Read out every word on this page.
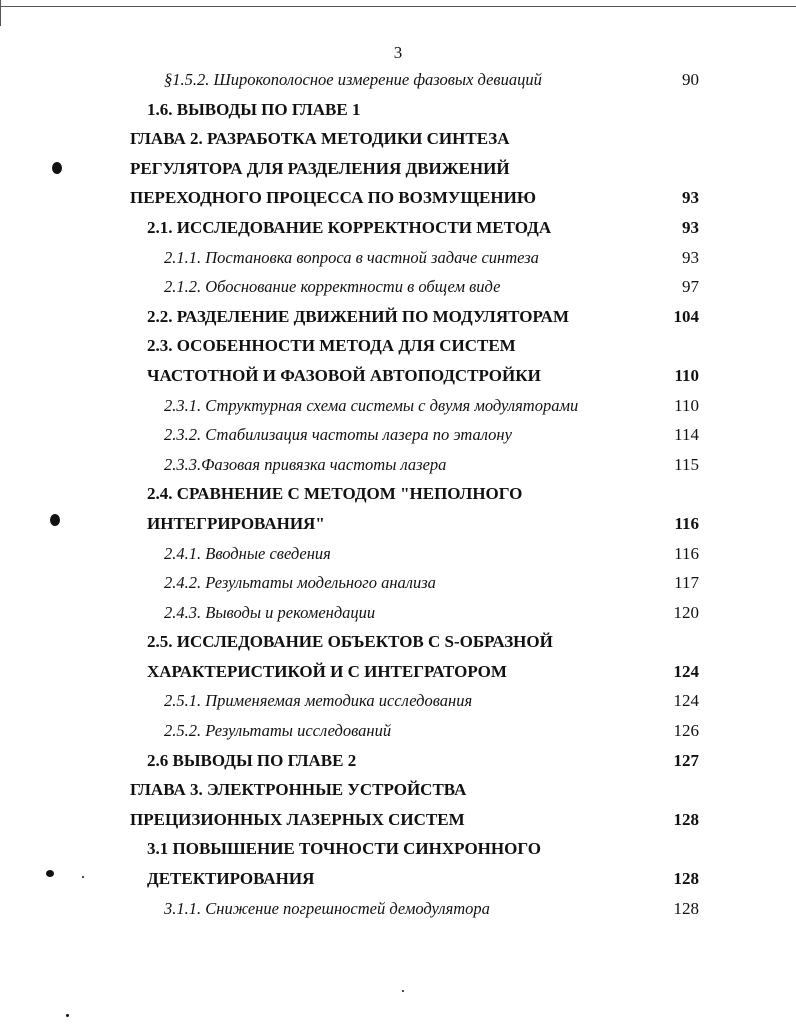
3
§1.5.2. Широкополосное измерение фазовых девиаций	90
1.6. ВЫВОДЫ ПО ГЛАВЕ 1
ГЛАВА 2. РАЗРАБОТКА МЕТОДИКИ СИНТЕЗА
РЕГУЛЯТОРА ДЛЯ РАЗДЕЛЕНИЯ ДВИЖЕНИЙ
ПЕРЕХОДНОГО ПРОЦЕССА ПО ВОЗМУЩЕНИЮ	93
2.1. ИССЛЕДОВАНИЕ КОРРЕКТНОСТИ МЕТОДА	93
2.1.1. Постановка вопроса в частной задаче синтеза	93
2.1.2. Обоснование корректности в общем виде	97
2.2. РАЗДЕЛЕНИЕ ДВИЖЕНИЙ ПО МОДУЛЯТОРАМ	104
2.3. ОСОБЕННОСТИ МЕТОДА ДЛЯ СИСТЕМ
ЧАСТОТНОЙ И ФАЗОВОЙ АВТОПОДСТРОЙКИ	110
2.3.1. Структурная схема системы с двумя модуляторами	110
2.3.2. Стабилизация частоты лазера по эталону	114
2.3.3.Фазовая привязка частоты лазера	115
2.4. СРАВНЕНИЕ С МЕТОДОМ "НЕПОЛНОГО
ИНТЕГРИРОВАНИЯ"	116
2.4.1. Вводные сведения	116
2.4.2. Результаты модельного анализа	117
2.4.3. Выводы и рекомендации	120
2.5. ИССЛЕДОВАНИЕ ОБЪЕКТОВ С S-ОБРАЗНОЙ
ХАРАКТЕРИСТИКОЙ И С ИНТЕГРАТОРОМ	124
2.5.1. Применяемая методика исследования	124
2.5.2. Результаты исследований	126
2.6 ВЫВОДЫ ПО ГЛАВЕ 2	127
ГЛАВА 3. ЭЛЕКТРОННЫЕ УСТРОЙСТВА
ПРЕЦИЗИОННЫХ ЛАЗЕРНЫХ СИСТЕМ	128
3.1 ПОВЫШЕНИЕ ТОЧНОСТИ СИНХРОННОГО
ДЕТЕКТИРОВАНИЯ	128
3.1.1. Снижение погрешностей демодулятора	128
